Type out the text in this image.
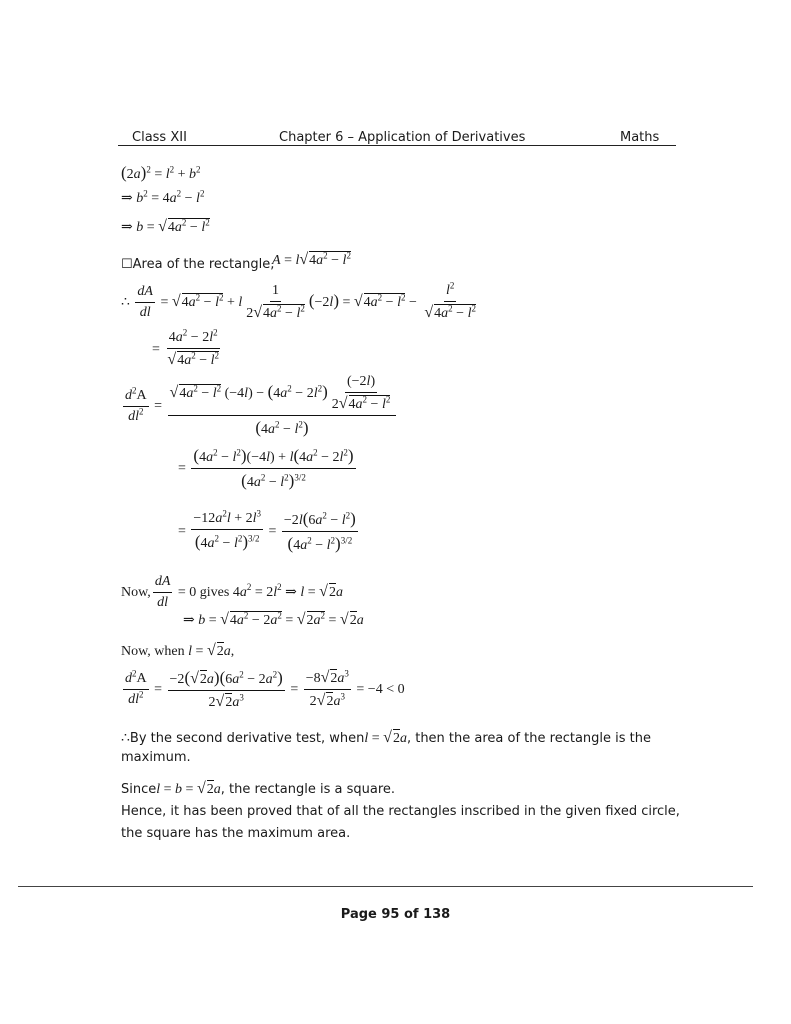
Class XII	Chapter 6 – Application of Derivatives	Maths
$(2a)^2 = l^2 + b^2$
⇒ $b^2 = 4a^2 - l^2$
⇒ $b = √4a^2 - l^2$
☐Area of the rectangle,
$A = l√4a^2 - l^2$
∴ $\frac{dA}{dl} = √4a^2 - l^2 + l \frac{1}{2√4a^2 - l^2} (-2l) = √4a^2 - l^2 - \frac{l^2}{√4a^2 - l^2}$
= $\frac{4a^2 - 2l^2}{√4a^2 - l^2}$
$\frac{d^2A}{dl^2} = \frac{√4a^2 - l^2 (-4l) - (4a^2 - 2l^2) \frac{(-2l)}{2√4a^2 - l^2}}{(4a^2 - l^2)}$
= $\frac{(4a^2 - l^2)(-4l) + l(4a^2 - 2l^2)}{(4a^2 - l^2)^{3/2}}$
= $\frac{-12a^2l + 2l^3}{(4a^2 - l^2)^{3/2}} = \frac{-2l(6a^2 - l^2)}{(4a^2 - l^2)^{3/2}}$
Now, $\frac{dA}{dl} = 0$ gives $4a^2 = 2l^2$ ⇒ l = √2a
⇒ $b = √4a^2 - 2a^2 = √2a^2 = √2a$
Now, when l = √2a,
$\frac{d^2A}{dl^2} = \frac{-2(√2a)(6a^2 - 2a^2)}{2√2a^3} = \frac{-8√2a^3}{2√2a^3} = -4 < 0$
∴By the second derivative test, whenl = √2a, then the area of the rectangle is the
maximum.
Sincel = b = √2a, the rectangle is a square.
Hence, it has been proved that of all the rectangles inscribed in the given fixed circle,
the square has the maximum area.
Page 95 of 138
